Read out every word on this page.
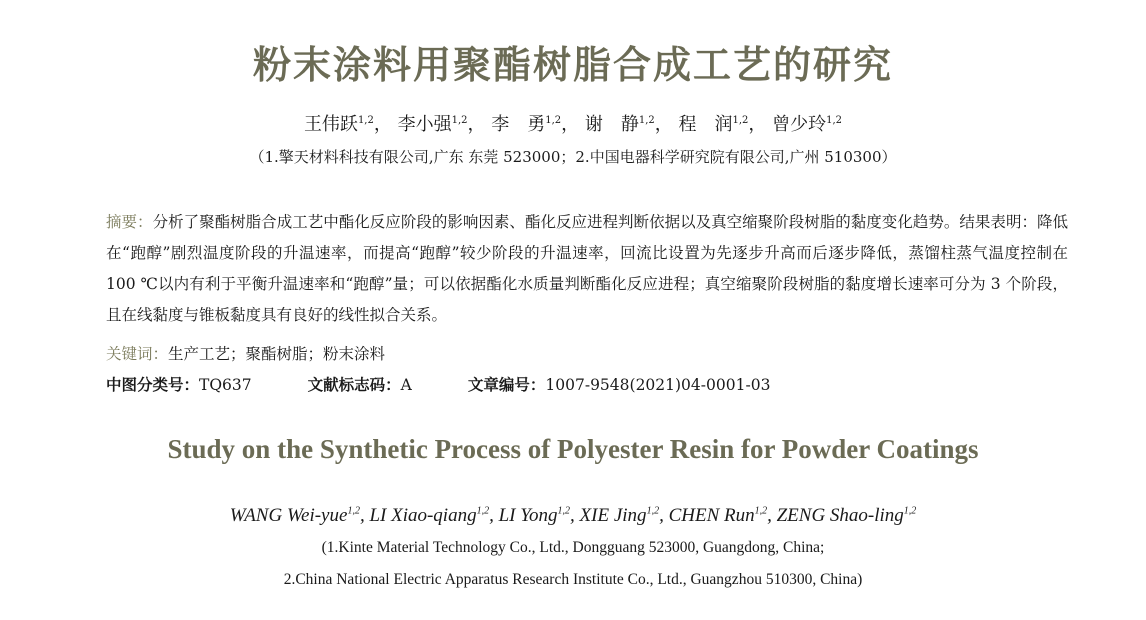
粉末涂料用聚酯树脂合成工艺的研究
王伟跃$^{1,2}$， 李小强$^{1,2}$， 李　勇$^{1,2}$， 谢　静$^{1,2}$， 程　润$^{1,2}$， 曾少玲$^{1,2}$
（1.擎天材料科技有限公司,广东 东莞 523000；2.中国电器科学研究院有限公司,广州 510300）
摘要：分析了聚酯树脂合成工艺中酯化反应阶段的影响因素、酯化反应进程判断依据以及真空缩聚阶段树脂的黏度变化趋势。结果表明：降低在“跑醇”剧烈温度阶段的升温速率，而提高“跑醇”较少阶段的升温速率，回流比设置为先逐步升高而后逐步降低，蒸馏柱蒸气温度控制在 100 ℃以内有利于平衡升温速率和“跑醇”量；可以依据酯化水质量判断酯化反应进程；真空缩聚阶段树脂的黏度增长速率可分为 3 个阶段，且在线黏度与锥板黏度具有良好的线性拟合关系。
关键词：生产工艺；聚酯树脂；粉末涂料
中图分类号：TQ637	文献标志码：A	文章编号：1007-9548(2021)04-0001-03
Study on the Synthetic Process of Polyester Resin for Powder Coatings
WANG Wei-yue$^{1,2}$, LI Xiao-qiang$^{1,2}$, LI Yong$^{1,2}$, XIE Jing$^{1,2}$, CHEN Run$^{1,2}$, ZENG Shao-ling$^{1,2}$
(1.Kinte Material Technology Co., Ltd., Dongguang 523000, Guangdong, China;
2.China National Electric Apparatus Research Institute Co., Ltd., Guangzhou 510300, China)
